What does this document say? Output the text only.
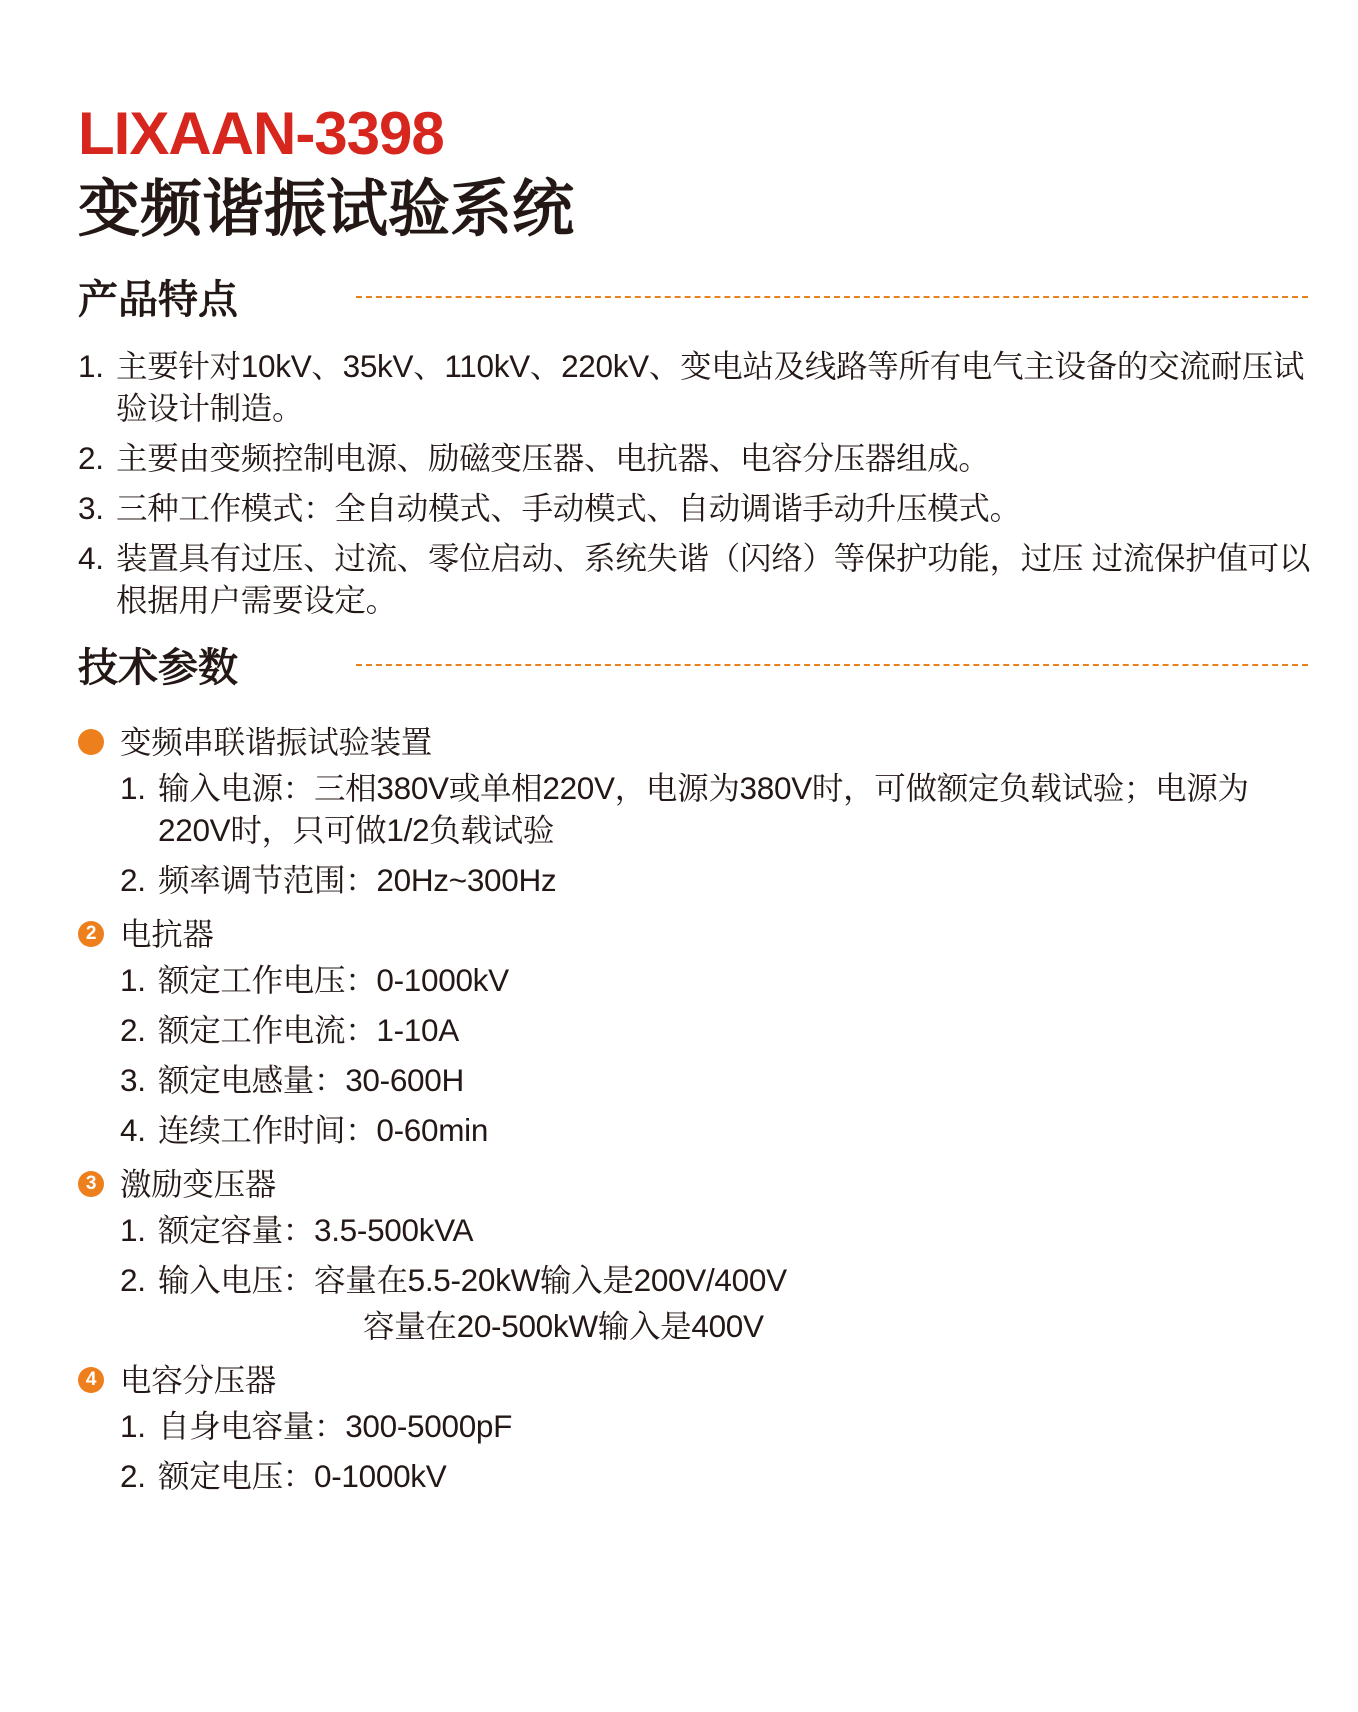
LIXAAN-3398
变频谐振试验系统
产品特点
1. 主要针对10kV、35kV、110kV、220kV、变电站及线路等所有电气主设备的交流耐压试验设计制造。
2. 主要由变频控制电源、励磁变压器、电抗器、电容分压器组成。
3. 三种工作模式：全自动模式、手动模式、自动调谐手动升压模式。
4. 装置具有过压、过流、零位启动、系统失谐（闪络）等保护功能，过压 过流保护值可以根据用户需要设定。
技术参数
变频串联谐振试验装置
1. 输入电源：三相380V或单相220V，电源为380V时，可做额定负载试验；电源为 220V时，只可做1/2负载试验
2. 频率调节范围：20Hz~300Hz
2 电抗器
1. 额定工作电压：0-1000kV
2. 额定工作电流：1-10A
3. 额定电感量：30-600H
4. 连续工作时间：0-60min
3 激励变压器
1. 额定容量：3.5-500kVA
2. 输入电压：容量在5.5-20kW输入是200V/400V
容量在20-500kW输入是400V
4 电容分压器
1. 自身电容量：300-5000pF
2. 额定电压：0-1000kV
